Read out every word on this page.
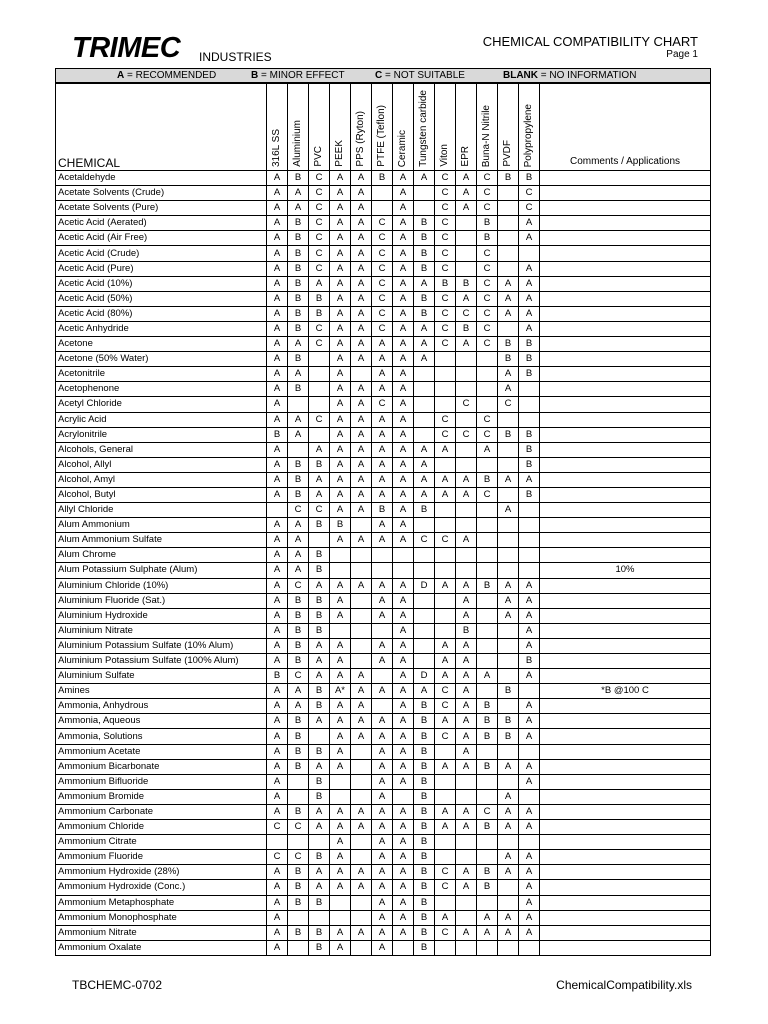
TRIMEC INDUSTRIES
CHEMICAL COMPATIBILITY CHART
Page 1
A = RECOMMENDED	B = MINOR EFFECT	C = NOT SUITABLE	BLANK = NO INFORMATION
CHEMICAL	316L SS	Aluminium	PVC	PEEK	PPS (Ryton)	PTFE (Teflon)	Ceramic	Tungsten carbide	Viton	EPR	Buna-N Nitrile	PVDF	Polypropylene	Comments / Applications

Acetaldehyde	A	B	C	A	A	B	A	A	C	A	C	B	B	
Acetate Solvents (Crude)	A	A	C	A	A		A		C	A	C		C	
Acetate Solvents (Pure)	A	A	C	A	A		A		C	A	C		C	
Acetic Acid (Aerated)	A	B	C	A	A	C	A	B	C		B		A	
Acetic Acid (Air Free)	A	B	C	A	A	C	A	B	C		B		A	
Acetic Acid (Crude)	A	B	C	A	A	C	A	B	C		C			
Acetic Acid (Pure)	A	B	C	A	A	C	A	B	C		C		A	
Acetic Acid (10%)	A	B	A	A	A	C	A	A	B	B	C	A	A	
Acetic Acid (50%)	A	B	B	A	A	C	A	B	C	A	C	A	A	
Acetic Acid (80%)	A	B	B	A	A	C	A	B	C	C	C	A	A	
Acetic Anhydride	A	B	C	A	A	C	A	A	C	B	C		A	
Acetone	A	A	C	A	A	A	A	A	C	A	C	B	B	
Acetone (50% Water)	A	B		A	A	A	A	A				B	B	
Acetonitrile	A	A		A		A	A					A	B	
Acetophenone	A	B		A	A	A	A					A		
Acetyl Chloride	A			A	A	C	A			C		C		
Acrylic Acid	A	A	C	A	A	A	A		C		C			
Acrylonitrile	B	A		A	A	A	A		C	C	C	B	B	
Alcohols, General	A		A	A	A	A	A	A	A		A		B	
Alcohol, Allyl	A	B	B	A	A	A	A	A					B	
Alcohol, Amyl	A	B	A	A	A	A	A	A	A	A	B	A	A	
Alcohol, Butyl	A	B	A	A	A	A	A	A	A	A	C		B	
Allyl Chloride		C	C	A	A	B	A	B				A		
Alum Ammonium	A	A	B	B		A	A							
Alum Ammonium Sulfate	A	A		A	A	A	A	C	C	A				
Alum Chrome	A	A	B											
Alum Potassium Sulphate (Alum)	A	A	B											10%
Aluminium Chloride (10%)	A	C	A	A	A	A	A	D	A	A	B	A	A	
Aluminium Fluoride (Sat.)	A	B	B	A		A	A			A		A	A	
Aluminium Hydroxide	A	B	B	A		A	A			A		A	A	
Aluminium Nitrate	A	B	B				A			B			A	
Aluminium Potassium Sulfate (10% Alum)	A	B	A	A		A	A		A	A			A	
Aluminium Potassium Sulfate (100% Alum)	A	B	A	A		A	A		A	A			B	
Aluminium Sulfate	B	C	A	A	A		A	D	A	A	A		A	
Amines	A	A	B	A*	A	A	A	A	C	A		B		*B @100 C
Ammonia, Anhydrous	A	A	B	A	A		A	B	C	A	B		A	
Ammonia, Aqueous	A	B	A	A	A	A	A	B	A	A	B	B	A	
Ammonia, Solutions	A	B		A	A	A	A	B	C	A	B	B	A	
Ammonium Acetate	A	B	B	A		A	A	B		A				
Ammonium Bicarbonate	A	B	A	A		A	A	B	A	A	B	A	A	
Ammonium Bifluoride	A		B			A	A	B					A	
Ammonium Bromide	A		B			A		B				A		
Ammonium Carbonate	A	B	A	A	A	A	A	B	A	A	C	A	A	
Ammonium Chloride	C	C	A	A	A	A	A	B	A	A	B	A	A	
Ammonium Citrate				A		A	A	B						
Ammonium Fluoride	C	C	B	A		A	A	B				A	A	
Ammonium Hydroxide (28%)	A	B	A	A	A	A	A	B	C	A	B	A	A	
Ammonium Hydroxide (Conc.)	A	B	A	A	A	A	A	B	C	A	B		A	
Ammonium Metaphosphate	A	B	B			A	A	B					A	
Ammonium Monophosphate	A					A	A	B	A		A	A	A	
Ammonium Nitrate	A	B	B	A	A	A	A	B	C	A	A	A	A	
Ammonium Oxalate	A		B	A		A		B						
TBCHEMC-0702	ChemicalCompatibility.xls
